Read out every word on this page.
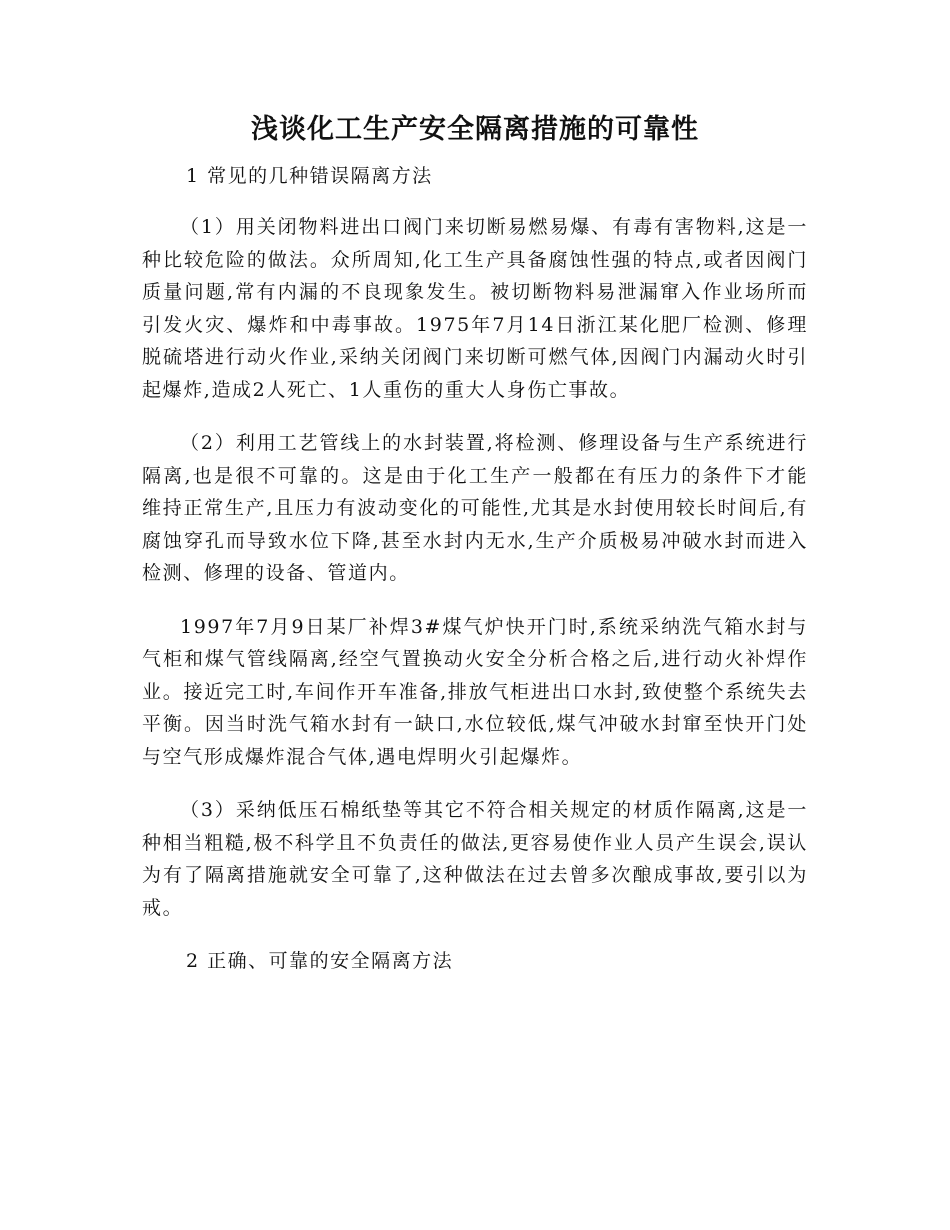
浅谈化工生产安全隔离措施的可靠性
1 常见的几种错误隔离方法

（1）用关闭物料进出口阀门来切断易燃易爆、有毒有害物料,这是一种比较危险的做法。众所周知,化工生产具备腐蚀性强的特点,或者因阀门质量问题,常有内漏的不良现象发生。被切断物料易泄漏窜入作业场所而引发火灾、爆炸和中毒事故。1975年7月14日浙江某化肥厂检测、修理脱硫塔进行动火作业,采纳关闭阀门来切断可燃气体,因阀门内漏动火时引起爆炸,造成2人死亡、1人重伤的重大人身伤亡事故。

（2）利用工艺管线上的水封装置,将检测、修理设备与生产系统进行隔离,也是很不可靠的。这是由于化工生产一般都在有压力的条件下才能维持正常生产,且压力有波动变化的可能性,尤其是水封使用较长时间后,有腐蚀穿孔而导致水位下降,甚至水封内无水,生产介质极易冲破水封而进入检测、修理的设备、管道内。

1997年7月9日某厂补焊3#煤气炉快开门时,系统采纳洗气箱水封与气柜和煤气管线隔离,经空气置换动火安全分析合格之后,进行动火补焊作业。接近完工时,车间作开车准备,排放气柜进出口水封,致使整个系统失去平衡。因当时洗气箱水封有一缺口,水位较低,煤气冲破水封窜至快开门处与空气形成爆炸混合气体,遇电焊明火引起爆炸。

（3）采纳低压石棉纸垫等其它不符合相关规定的材质作隔离,这是一种相当粗糙,极不科学且不负责任的做法,更容易使作业人员产生误会,误认为有了隔离措施就安全可靠了,这种做法在过去曾多次酿成事故,要引以为戒。

2 正确、可靠的安全隔离方法
